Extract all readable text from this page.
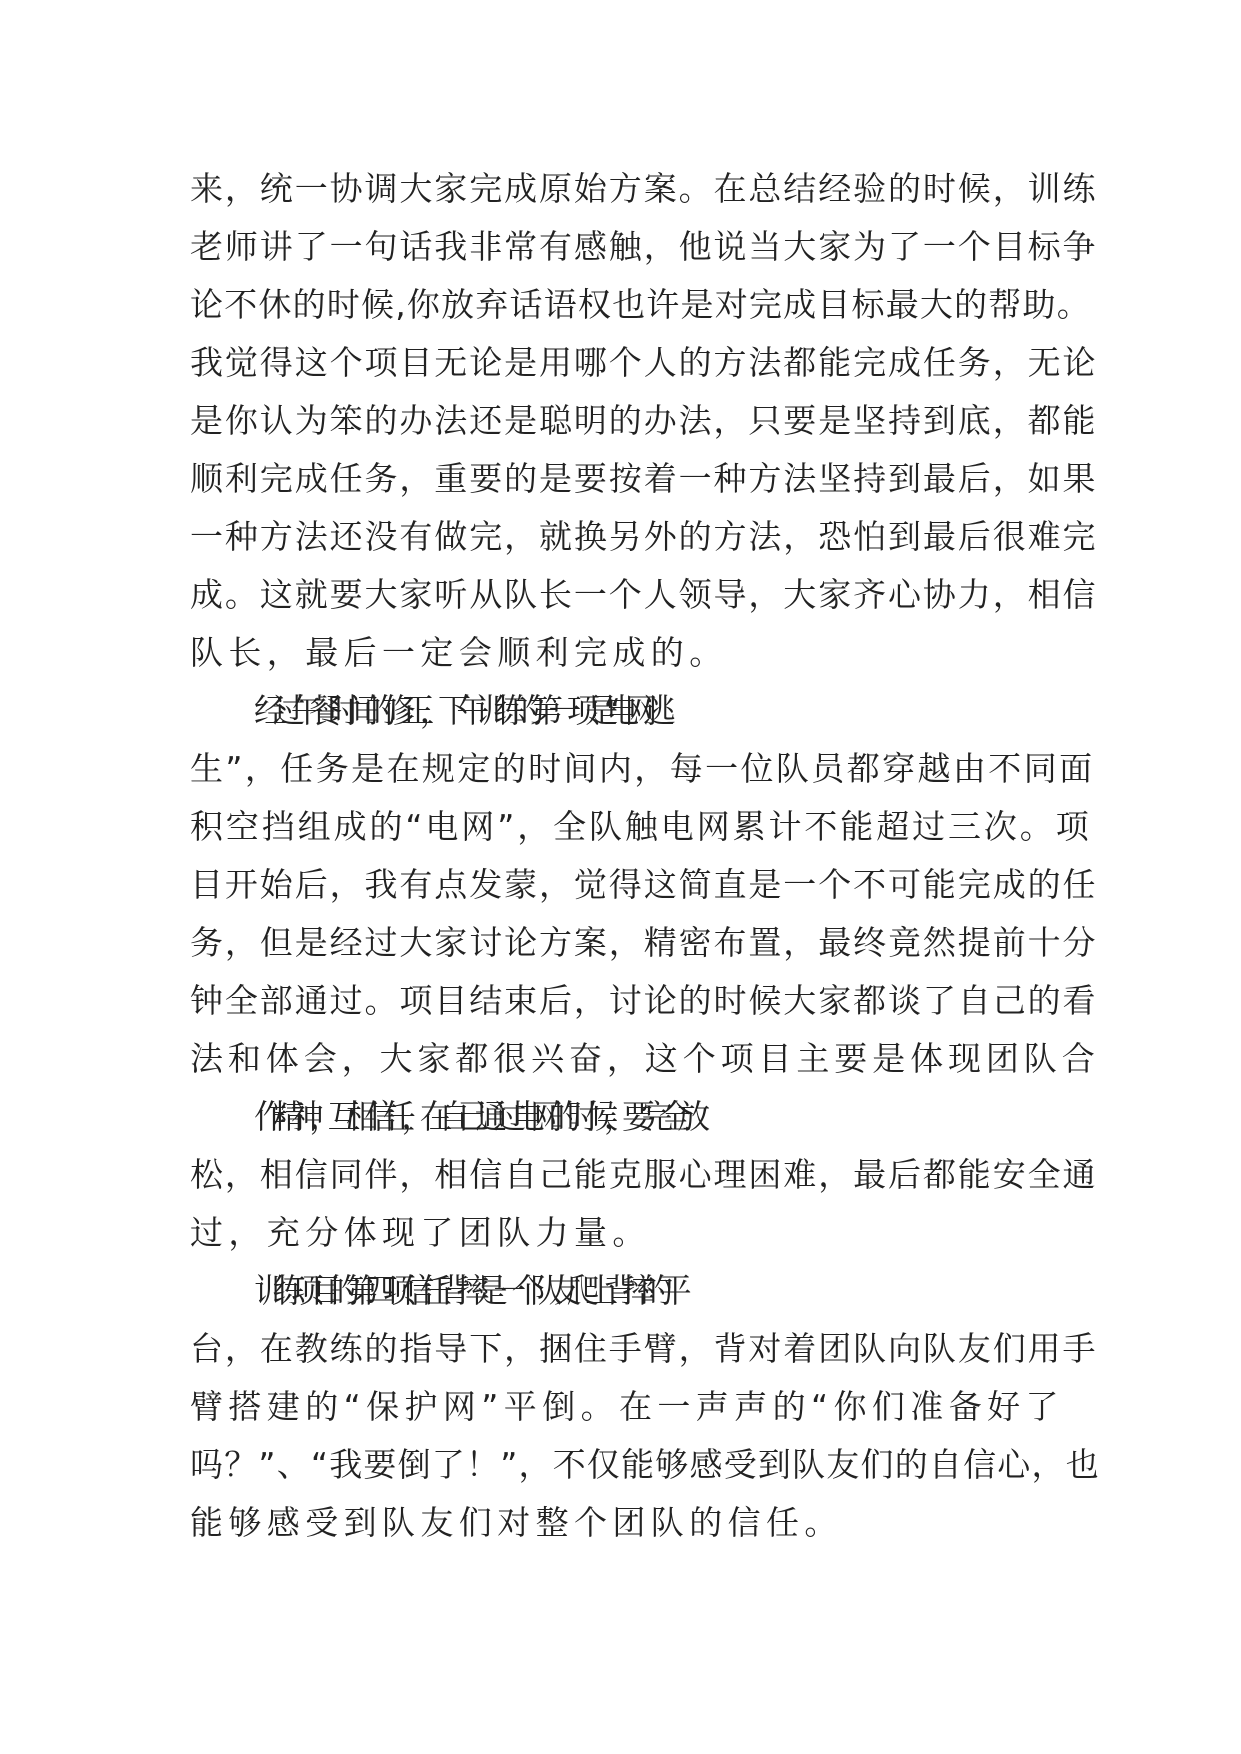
来，统一协调大家完成原始方案。在总结经验的时候，训练
老师讲了一句话我非常有感触，他说当大家为了一个目标争
论不休的时候,你放弃话语权也许是对完成目标最大的帮助。
我觉得这个项目无论是用哪个人的方法都能完成任务，无论
是你认为笨的办法还是聪明的办法，只要是坚持到底，都能
顺利完成任务，重要的是要按着一种方法坚持到最后，如果
一种方法还没有做完，就换另外的方法，恐怕到最后很难完
成。这就要大家听从队长一个人领导，大家齐心协力，相信
队长，最后一定会顺利完成的。
经过午餐时间的修正，下午训练的第一项是“电网逃
生”，任务是在规定的时间内，每一位队员都穿越由不同面
积空挡组成的“电网”，全队触电网累计不能超过三次。项
目开始后，我有点发蒙，觉得这简直是一个不可能完成的任
务，但是经过大家讨论方案，精密布置，最终竟然提前十分
钟全部通过。项目结束后，讨论的时候大家都谈了自己的看
法和体会，大家都很兴奋，这个项目主要是体现团队合
作精神，互相信任，在自己通过电网的时候，要完全放
松，相信同伴，相信自己能克服心理困难，最后都能安全通
过，充分体现了团队力量。
训练项目的第四项信任背摔是一个队友爬上背摔的平
台，在教练的指导下，捆住手臂，背对着团队向队友们用手
臂搭建的“保护网”平倒。在一声声的“你们准备好了
吗？”、“我要倒了！”，不仅能够感受到队友们的自信心，也
能够感受到队友们对整个团队的信任。
